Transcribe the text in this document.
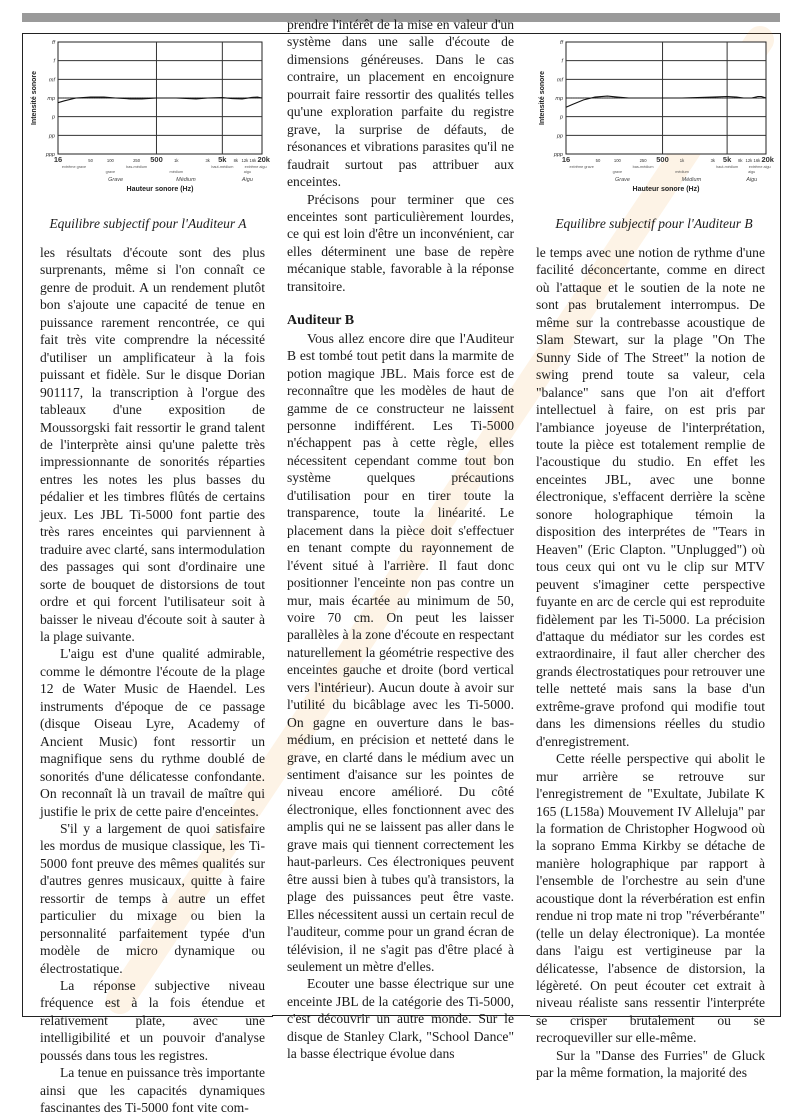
ppp
pp
p
mp
mf
f
ff
16	50	100	250 500	1k	3k 5k 8k 12k 16k 20k
extrême grave	bas-médium	haut-médium	extrême aigu
grave	médium	aigu
Grave	Médium	Aigu
Hauteur sonore (Hz)
Intensité sonore
Equilibre subjectif pour l'Auditeur A
ppp
pp
p
mp
mf
f
ff
16	50	100	250 500	1k	3k 5k 8k 12k 16k 20k
extrême grave	bas-médium	haut-médium	extrême aigu
grave	médium	aigu
Grave	Médium	Aigu
Hauteur sonore (Hz)
Intensité sonore
Equilibre subjectif pour l'Auditeur B

les résultats d'écoute sont des plus surprenants, même si l'on connaît ce genre de produit. A un rendement plutôt bon s'ajoute une capacité de tenue en puissance rarement rencontrée, ce qui fait très vite comprendre la nécessité d'utiliser un amplificateur à la fois puissant et fidèle. Sur le disque Dorian 901117, la transcription à l'orgue des tableaux d'une exposition de Moussorgski fait ressortir le grand talent de l'interprète ainsi qu'une palette très impressionnante de sonorités réparties entres les notes les plus basses du pédalier et les timbres flûtés de certains jeux. Les JBL Ti-5000 font partie des très rares enceintes qui parviennent à traduire avec clarté, sans intermodulation des passages qui sont d'ordinaire une sorte de bouquet de distorsions de tout ordre et qui forcent l'utilisateur soit à baisser le niveau d'écoute soit à sauter à la plage suivante.

L'aigu est d'une qualité admirable, comme le démontre l'écoute de la plage 12 de Water Music de Haendel. Les instruments d'époque de ce passage (disque Oiseau Lyre, Academy of Ancient Music) font ressortir un magnifique sens du rythme doublé de sonorités d'une délicatesse confondante. On reconnaît là un travail de maître qui justifie le prix de cette paire d'enceintes.

S'il y a largement de quoi satisfaire les mordus de musique classique, les Ti-5000 font preuve des mêmes qualités sur d'autres genres musicaux, quitte à faire ressortir de temps à autre un effet particulier du mixage ou bien la personnalité parfaitement typée d'un modèle de micro dynamique ou électrostatique.

La réponse subjective niveau fréquence est à la fois étendue et relativement plate, avec une intelligibilité et un pouvoir d'analyse poussés dans tous les registres.

La tenue en puissance très importante ainsi que les capacités dynamiques fascinantes des Ti-5000 font vite com-

prendre l'intérêt de la mise en valeur d'un système dans une salle d'écoute de dimensions généreuses. Dans le cas contraire, un placement en encoignure pourrait faire ressortir des qualités telles qu'une exploration parfaite du registre grave, la surprise de défauts, de résonances et vibrations parasites qu'il ne faudrait surtout pas attribuer aux enceintes.

Précisons pour terminer que ces enceintes sont particulièrement lourdes, ce qui est loin d'être un inconvénient, car elles déterminent une base de repère mécanique stable, favorable à la réponse transitoire.

Auditeur B

Vous allez encore dire que l'Auditeur B est tombé tout petit dans la marmite de potion magique JBL. Mais force est de reconnaître que les modèles de haut de gamme de ce constructeur ne laissent personne indifférent. Les Ti-5000 n'échappent pas à cette règle, elles nécessitent cependant comme tout bon système quelques précautions d'utilisation pour en tirer toute la transparence, toute la linéarité. Le placement dans la pièce doit s'effectuer en tenant compte du rayonnement de l'évent situé à l'arrière. Il faut donc positionner l'enceinte non pas contre un mur, mais écartée au minimum de 50, voire 70 cm. On peut les laisser parallèles à la zone d'écoute en respectant naturellement la géométrie respective des enceintes gauche et droite (bord vertical vers l'intérieur). Aucun doute à avoir sur l'utilité du bicâblage avec les Ti-5000. On gagne en ouverture dans le bas-médium, en précision et netteté dans le grave, en clarté dans le médium avec un sentiment d'aisance sur les pointes de niveau encore amélioré. Du côté électronique, elles fonctionnent avec des amplis qui ne se laissent pas aller dans le grave mais qui tiennent correctement les haut-parleurs. Ces électroniques peuvent être aussi bien à tubes qu'à transistors, la plage des puissances peut être vaste. Elles nécessitent aussi un certain recul de l'auditeur, comme pour un grand écran de télévision, il ne s'agit pas d'être placé à seulement un mètre d'elles.

Ecouter une basse électrique sur une enceinte JBL de la catégorie des Ti-5000, c'est découvrir un autre monde. Sur le disque de Stanley Clark, "School Dance" la basse électrique évolue dans

le temps avec une notion de rythme d'une facilité déconcertante, comme en direct où l'attaque et le soutien de la note ne sont pas brutalement interrompus. De même sur la contrebasse acoustique de Slam Stewart, sur la plage "On The Sunny Side of The Street" la notion de swing prend toute sa valeur, cela "balance" sans que l'on ait d'effort intellectuel à faire, on est pris par l'ambiance joyeuse de l'interprétation, toute la pièce est totalement remplie de l'acoustique du studio. En effet les enceintes JBL, avec une bonne électronique, s'effacent derrière la scène sonore holographique témoin la disposition des interprétes de "Tears in Heaven" (Eric Clapton. "Unplugged") où tous ceux qui ont vu le clip sur MTV peuvent s'imaginer cette perspective fuyante en arc de cercle qui est reproduite fidèlement par les Ti-5000. La précision d'attaque du médiator sur les cordes est extraordinaire, il faut aller chercher des grands électrostatiques pour retrouver une telle netteté mais sans la base d'un extrême-grave profond qui modifie tout dans les dimensions réelles du studio d'enregistrement.

Cette réelle perspective qui abolit le mur arrière se retrouve sur l'enregistrement de "Exultate, Jubilate K 165 (L158a) Mouvement IV Alleluja" par la formation de Christopher Hogwood où la soprano Emma Kirkby se détache de manière holographique par rapport à l'ensemble de l'orchestre au sein d'une acoustique dont la réverbération est enfin rendue ni trop mate ni trop "réverbérante" (telle un delay électronique). La montée dans l'aigu est vertigineuse par la délicatesse, l'absence de distorsion, la légèreté. On peut écouter cet extrait à niveau réaliste sans ressentir l'interpréte se crisper brutalement ou se recroqueviller sur elle-même.

Sur la "Danse des Furries" de Gluck par la même formation, la majorité des
